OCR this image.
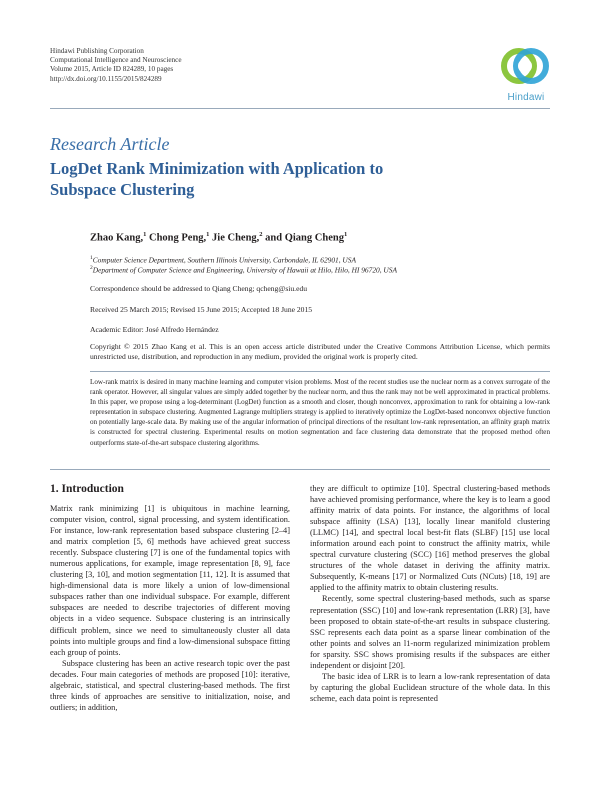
Hindawi Publishing Corporation
Computational Intelligence and Neuroscience
Volume 2015, Article ID 824289, 10 pages
http://dx.doi.org/10.1155/2015/824289
Hindawi
Research Article
LogDet Rank Minimization with Application to
Subspace Clustering
Zhao Kang,$^1$ Chong Peng,$^1$ Jie Cheng,$^2$ and Qiang Cheng$^1$
$^1$Computer Science Department, Southern Illinois University, Carbondale, IL 62901, USA
$^2$Department of Computer Science and Engineering, University of Hawaii at Hilo, Hilo, HI 96720, USA
Correspondence should be addressed to Qiang Cheng; qcheng@siu.edu
Received 25 March 2015; Revised 15 June 2015; Accepted 18 June 2015
Academic Editor: José Alfredo Hernández
Copyright © 2015 Zhao Kang et al. This is an open access article distributed under the Creative Commons Attribution License, which permits unrestricted use, distribution, and reproduction in any medium, provided the original work is properly cited.
Low-rank matrix is desired in many machine learning and computer vision problems. Most of the recent studies use the nuclear norm as a convex surrogate of the rank operator. However, all singular values are simply added together by the nuclear norm, and thus the rank may not be well approximated in practical problems. In this paper, we propose using a log-determinant (LogDet) function as a smooth and closer, though nonconvex, approximation to rank for obtaining a low-rank representation in subspace clustering. Augmented Lagrange multipliers strategy is applied to iteratively optimize the LogDet-based nonconvex objective function on potentially large-scale data. By making use of the angular information of principal directions of the resultant low-rank representation, an affinity graph matrix is constructed for spectral clustering. Experimental results on motion segmentation and face clustering data demonstrate that the proposed method often outperforms state-of-the-art subspace clustering algorithms.
1. Introduction

Matrix rank minimizing [1] is ubiquitous in machine learning, computer vision, control, signal processing, and system identification. For instance, low-rank representation based subspace clustering [2–4] and matrix completion [5, 6] methods have achieved great success recently. Subspace clustering [7] is one of the fundamental topics with numerous applications, for example, image representation [8, 9], face clustering [3, 10], and motion segmentation [11, 12]. It is assumed that high-dimensional data is more likely a union of low-dimensional subspaces rather than one individual subspace. For example, different subspaces are needed to describe trajectories of different moving objects in a video sequence. Subspace clustering is an intrinsically difficult problem, since we need to simultaneously cluster all data points into multiple groups and find a low-dimensional subspace fitting each group of points.

Subspace clustering has been an active research topic over the past decades. Four main categories of methods are proposed [10]: iterative, algebraic, statistical, and spectral clustering-based methods. The first three kinds of approaches are sensitive to initialization, noise, and outliers; in addition,

they are difficult to optimize [10]. Spectral clustering-based methods have achieved promising performance, where the key is to learn a good affinity matrix of data points. For instance, the algorithms of local subspace affinity (LSA) [13], locally linear manifold clustering (LLMC) [14], and spectral local best-fit flats (SLBF) [15] use local information around each point to construct the affinity matrix, while spectral curvature clustering (SCC) [16] method preserves the global structures of the whole dataset in deriving the affinity matrix. Subsequently, K-means [17] or Normalized Cuts (NCuts) [18, 19] are applied to the affinity matrix to obtain clustering results.

Recently, some spectral clustering-based methods, such as sparse representation (SSC) [10] and low-rank representation (LRR) [3], have been proposed to obtain state-of-the-art results in subspace clustering. SSC represents each data point as a sparse linear combination of the other points and solves an l1-norm regularized minimization problem for sparsity. SSC shows promising results if the subspaces are either independent or disjoint [20].

The basic idea of LRR is to learn a low-rank representation of data by capturing the global Euclidean structure of the whole data. In this scheme, each data point is represented
